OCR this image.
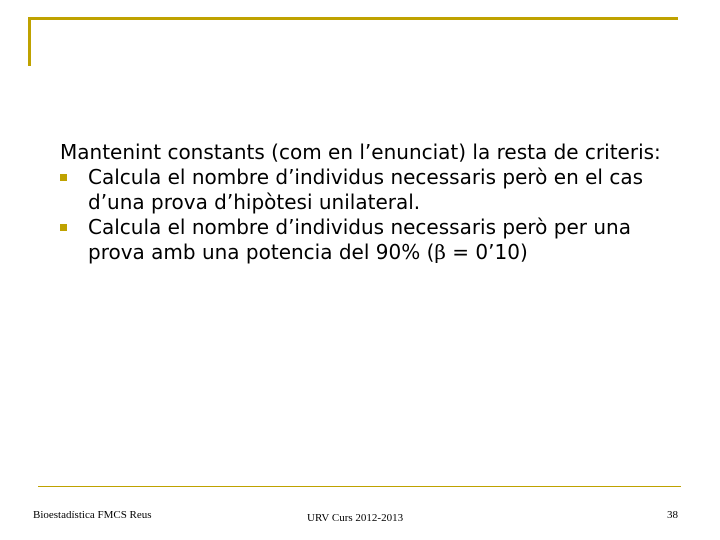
Mantenint constants (com en l’enunciat) la resta de criteris:

Calcula el nombre d’individus necessaris però en el cas d’una prova d’hipòtesi unilateral.
Calcula el nombre d’individus necessaris però per una prova amb una potencia del 90% (β = 0’10)
Bioestadística FMCS Reus	URV Curs 2012-2013	38
